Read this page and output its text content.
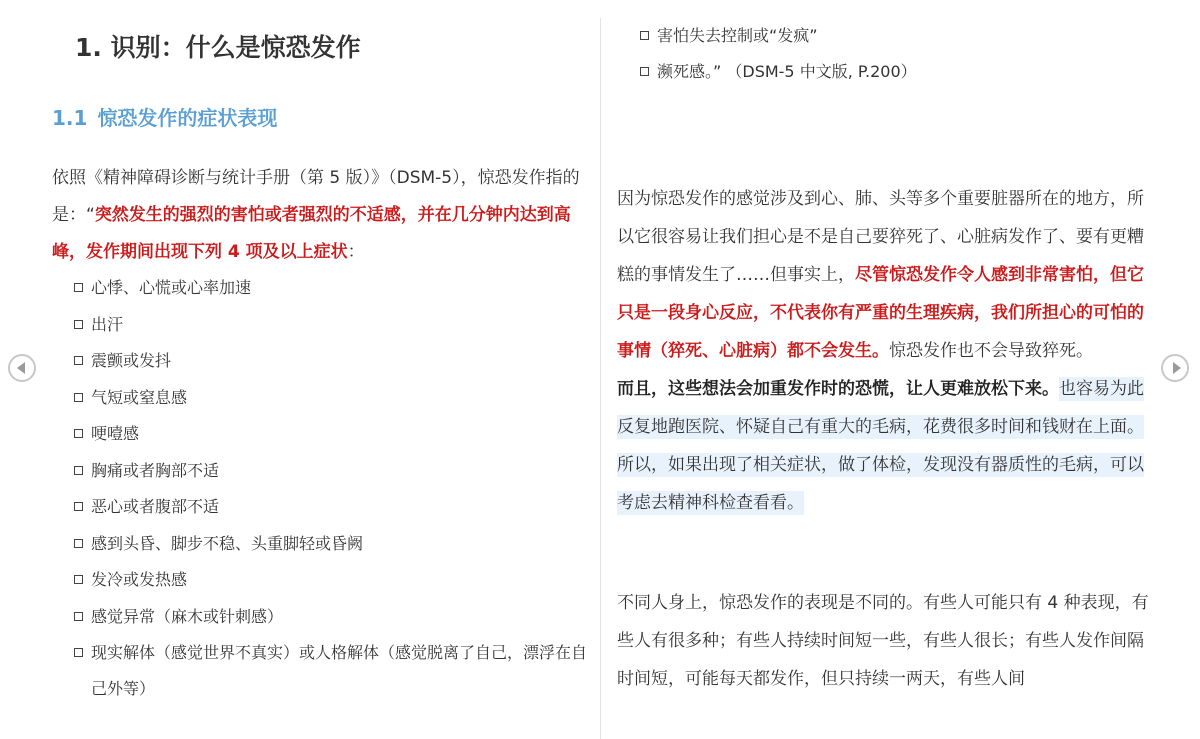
1. 识别：什么是惊恐发作
1.1 惊恐发作的症状表现

依照《精神障碍诊断与统计手册（第 5 版）》（DSM-5），惊恐发作指的是：“突然发生的强烈的害怕或者强烈的不适感，并在几分钟内达到高峰，发作期间出现下列 4 项及以上症状：

心悸、心慌或心率加速
出汗
震颤或发抖
气短或窒息感
哽噎感
胸痛或者胸部不适
恶心或者腹部不适
感到头昏、脚步不稳、头重脚轻或昏阙
发冷或发热感
感觉异常（麻木或针刺感）
现实解体（感觉世界不真实）或人格解体（感觉脱离了自己，漂浮在自己外等）
害怕失去控制或“发疯”
濒死感。” （DSM-5 中文版, P.200）

因为惊恐发作的感觉涉及到心、肺、头等多个重要脏器所在的地方，所以它很容易让我们担心是不是自己要猝死了、心脏病发作了、要有更糟糕的事情发生了……但事实上，尽管惊恐发作令人感到非常害怕，但它只是一段身心反应，不代表你有严重的生理疾病，我们所担心的可怕的事情（猝死、心脏病）都不会发生。惊恐发作也不会导致猝死。
而且，这些想法会加重发作时的恐慌，让人更难放松下来。也容易为此反复地跑医院、怀疑自己有重大的毛病，花费很多时间和钱财在上面。所以，如果出现了相关症状，做了体检，发现没有器质性的毛病，可以考虑去精神科检查看看。

不同人身上，惊恐发作的表现是不同的。有些人可能只有 4 种表现，有些人有很多种；有些人持续时间短一些，有些人很长；有些人发作间隔时间短，可能每天都发作，但只持续一两天，有些人间
